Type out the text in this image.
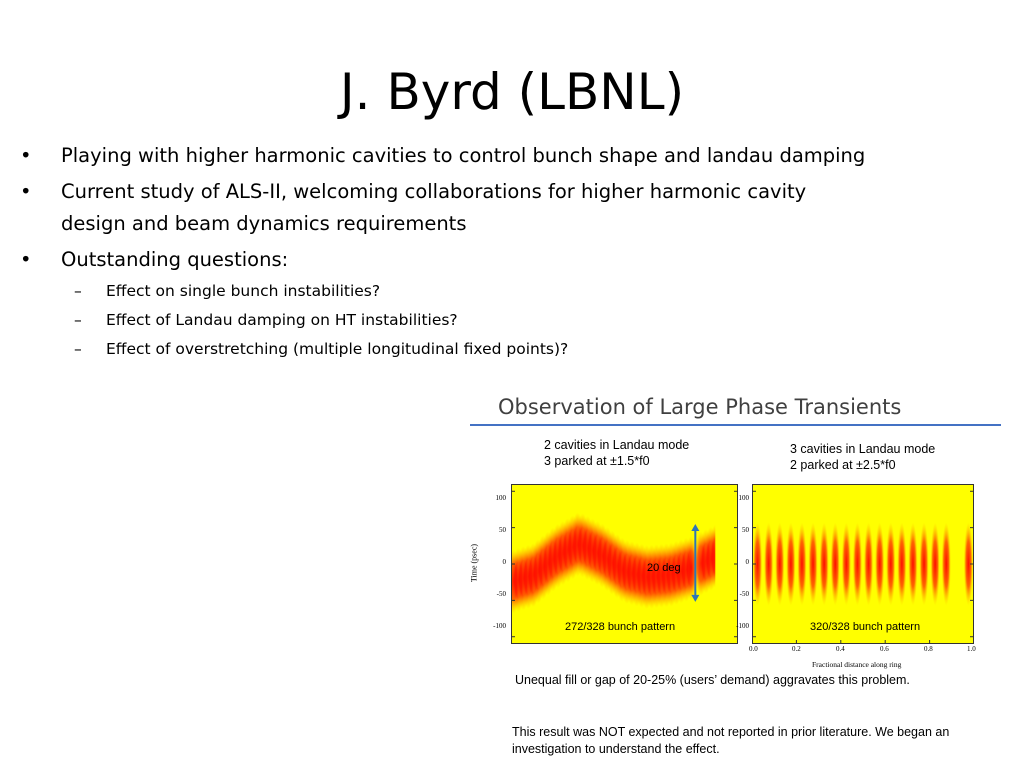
J. Byrd (LBNL)
• Playing with higher harmonic cavities to control bunch shape and landau damping
• Current study of ALS-II, welcoming collaborations for higher harmonic cavity design and beam dynamics requirements
• Outstanding questions:
– Effect on single bunch instabilities?
– Effect of Landau damping on HT instabilities?
– Effect of overstretching (multiple longitudinal fixed points)?
Observation of Large Phase Transients
2 cavities in Landau mode
3 parked at ±1.5*f0
3 cavities in Landau mode
2 parked at ±2.5*f0
100
50
0
-50
-100
100
50
0
-50
-100
0.0	0.2	0.4	0.6	0.8	1.0
Time (psec)
Fractional distance along ring
272/328 bunch pattern	320/328 bunch pattern
20 deg
Unequal fill or gap of 20-25% (users’ demand) aggravates this problem.
This result was NOT expected and not reported in prior literature. We began an investigation to understand the effect.
